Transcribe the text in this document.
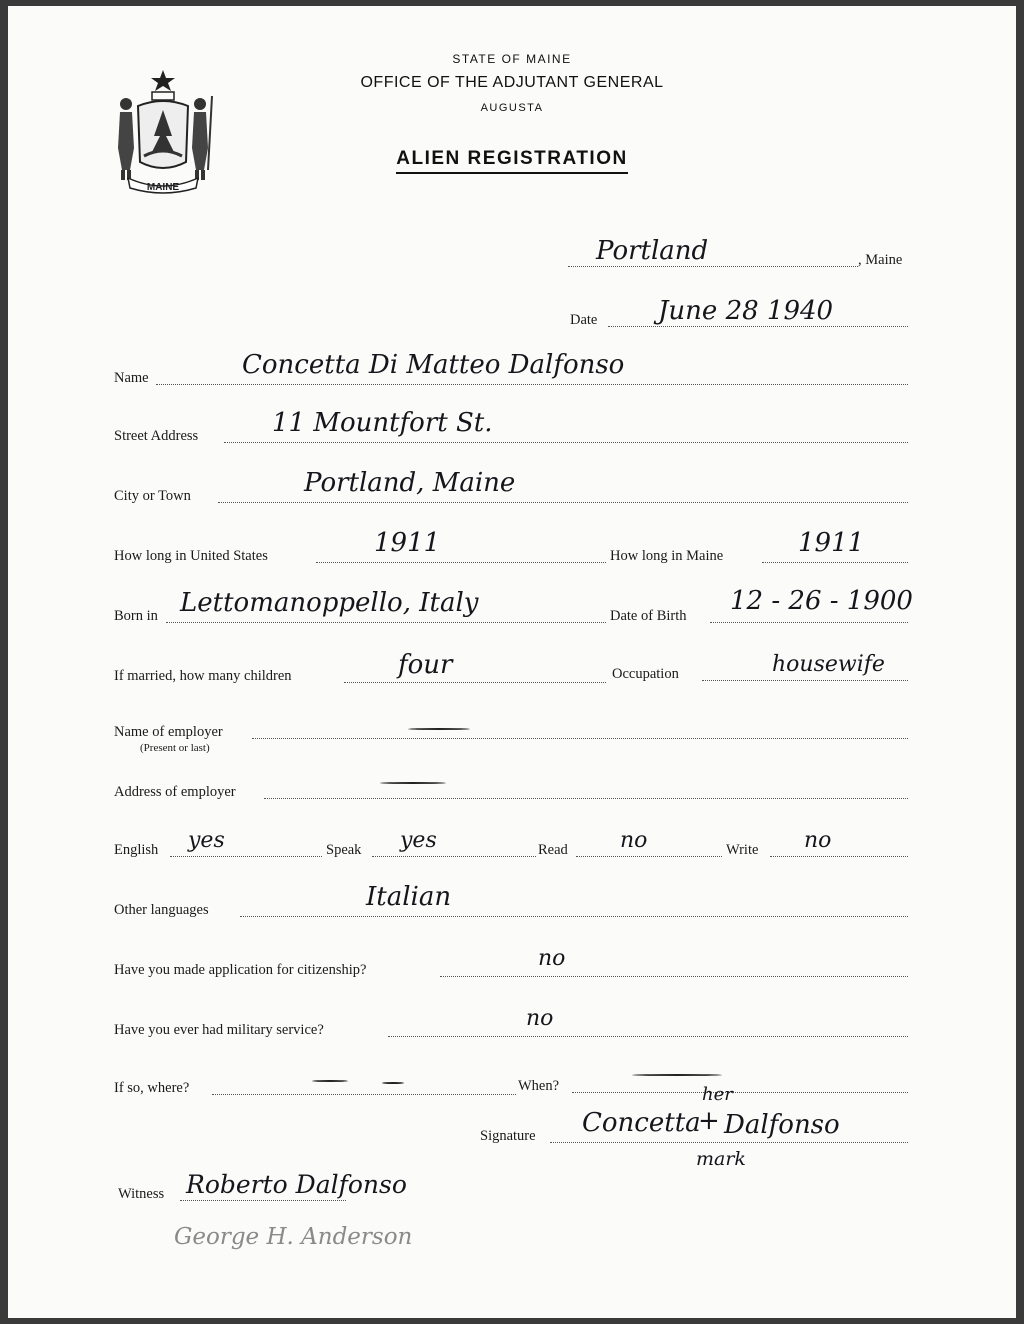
MAINE
STATE OF MAINE
OFFICE OF THE ADJUTANT GENERAL
AUGUSTA
ALIEN REGISTRATION
Portland	, Maine
Date June 28 1940
Name	Concetta Di Matteo Dalfonso
Street Address	11 Mountfort St.
City or Town	Portland, Maine
How long in United States	1911	How long in Maine	1911
Born in Lettomanoppello, Italy	Date of Birth 12 - 26 - 1900
If married, how many children	four	Occupation	housewife
Name of employer
(Present or last)
Address of employer
English yes	Speak yes	Read no	Write no
Other languages	Italian
Have you made application for citizenship?	no
Have you ever had military service?	no
If so, where?	When?
Signature
her
Concetta
+ Dalfonso
mark
Witness Roberto Dalfonso
George H. Anderson
